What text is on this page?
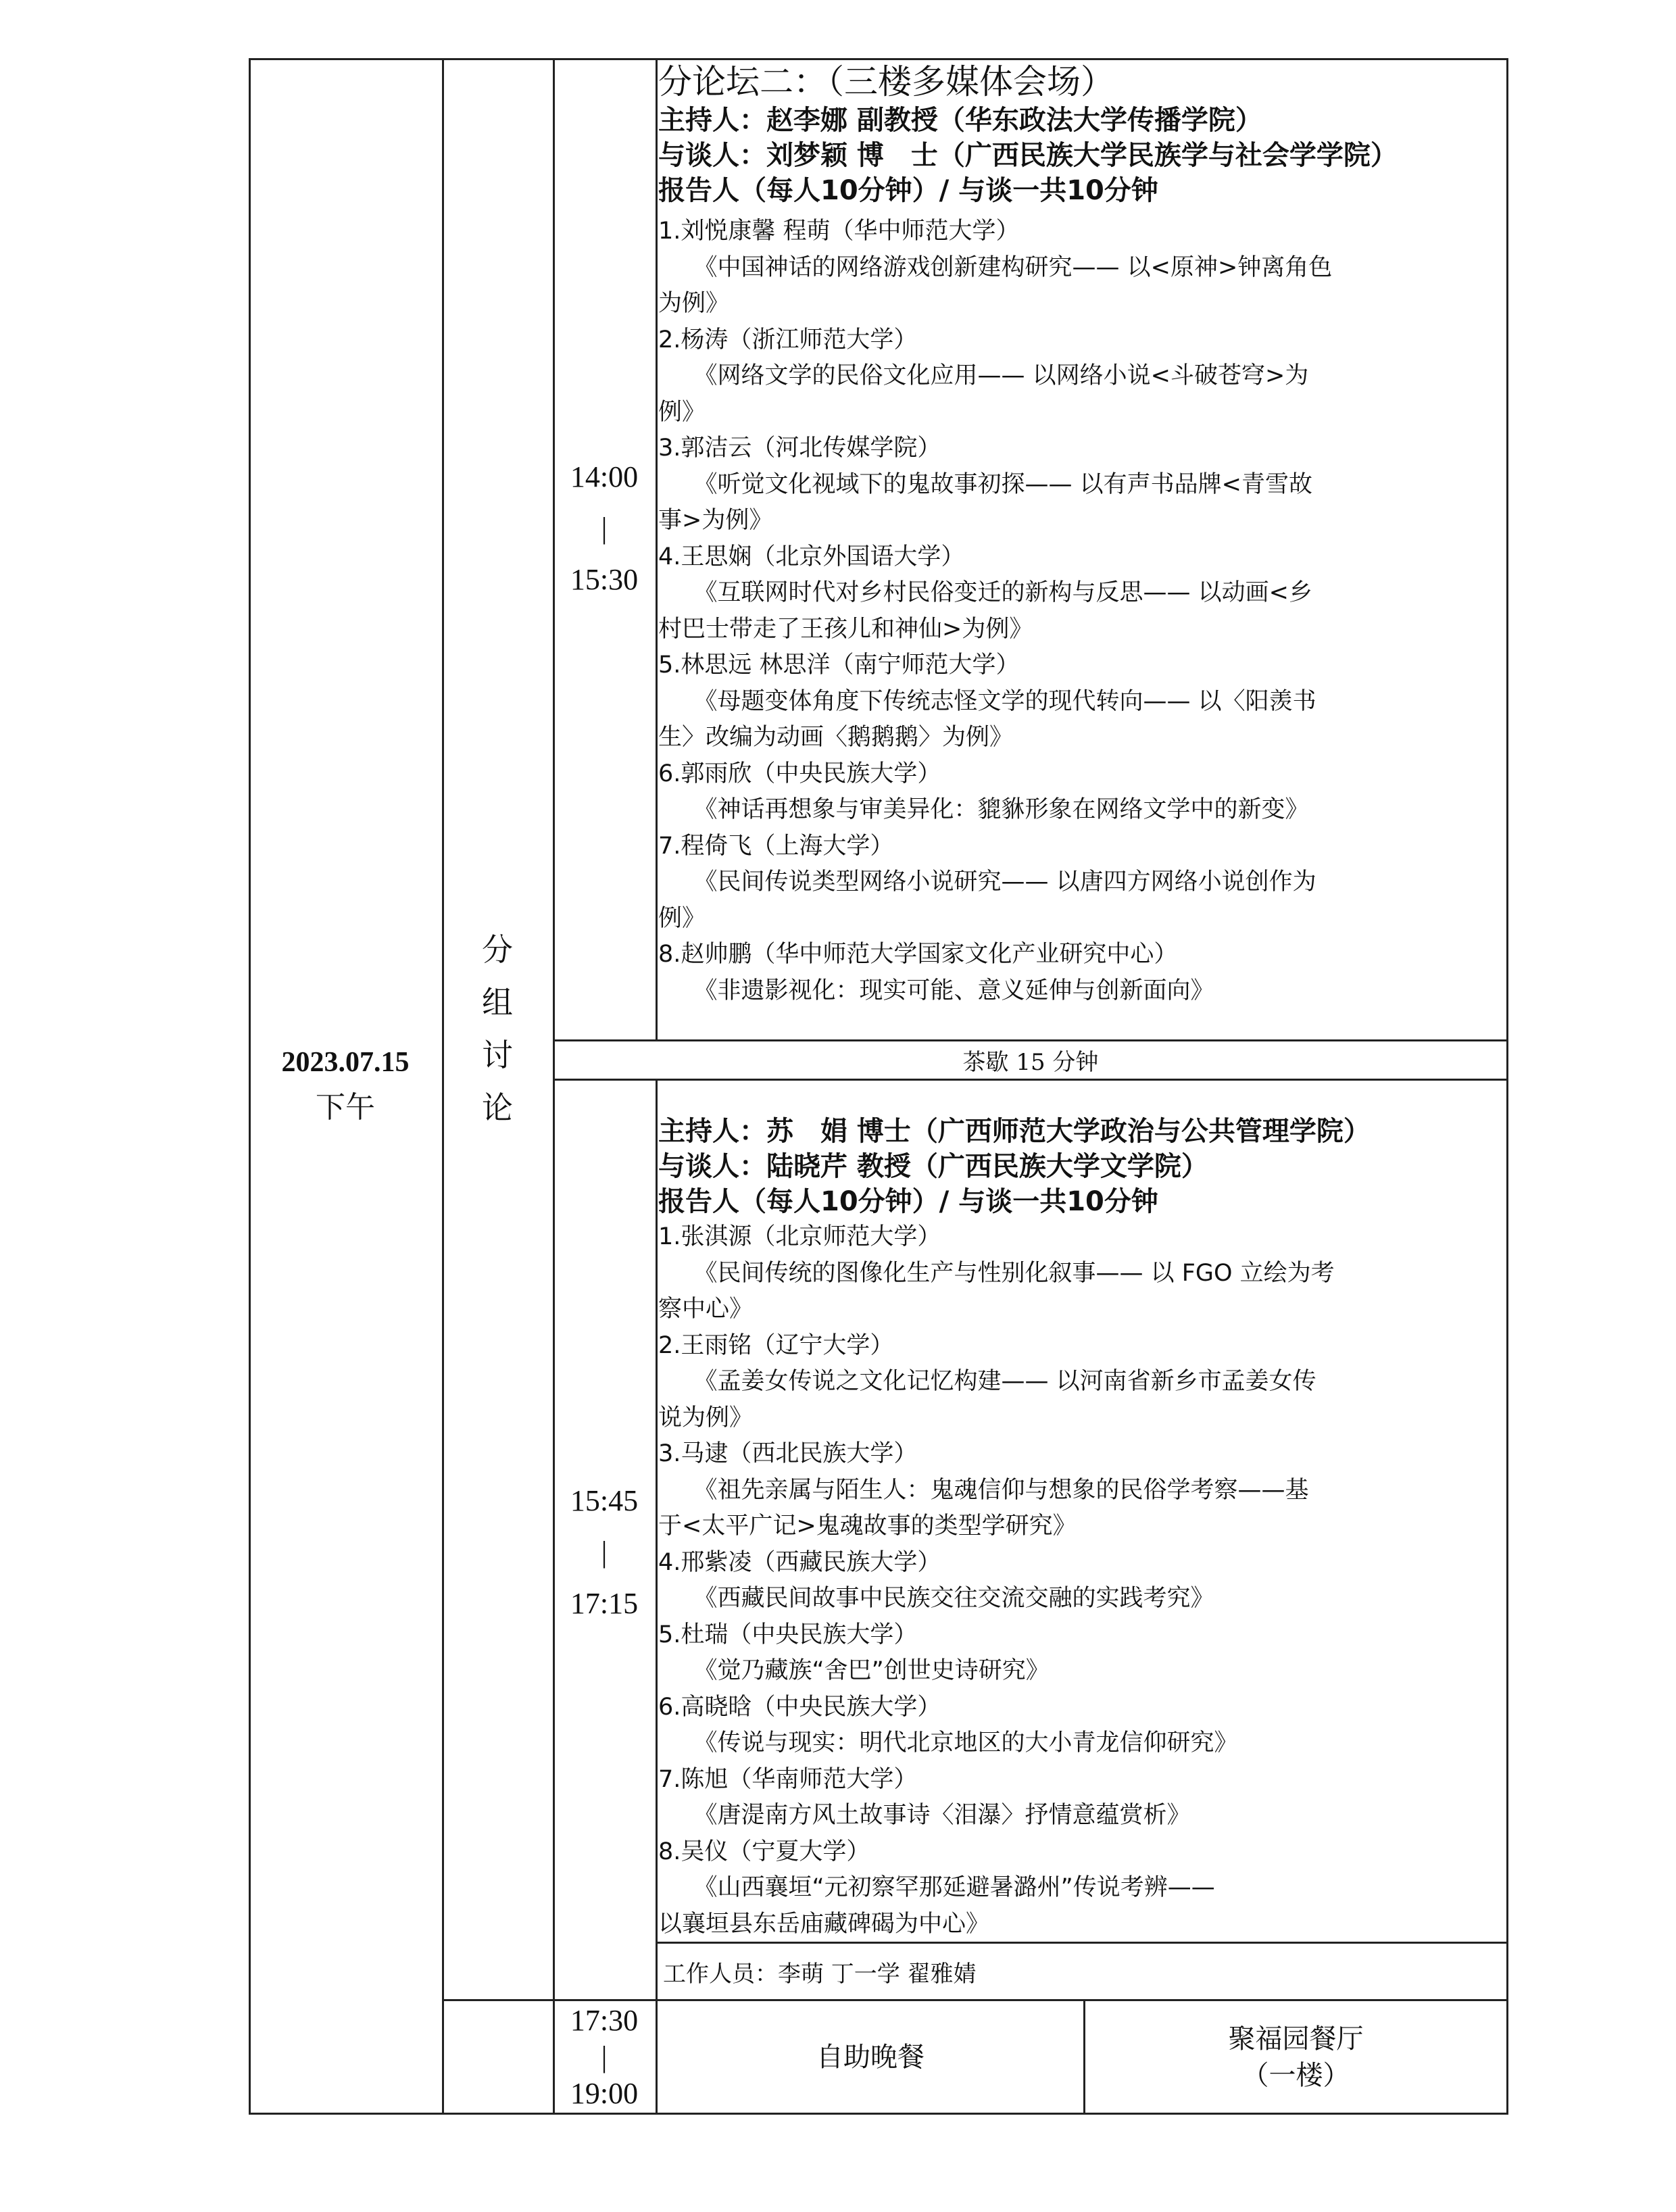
2023.07.15
下午
分
组
讨
论
14:00
|
15:30
分论坛二：（三楼多媒体会场）
主持人：赵李娜 副教授（华东政法大学传播学院）
与谈人：刘梦颖 博　士（广西民族大学民族学与社会学学院）
报告人（每人10分钟）/ 与谈一共10分钟
1.刘悦康馨 程萌（华中师范大学）
　　《中国神话的网络游戏创新建构研究—— 以<原神>钟离角色
为例》
2.杨涛（浙江师范大学）
　　《网络文学的民俗文化应用—— 以网络小说<斗破苍穹>为
例》
3.郭洁云（河北传媒学院）
　　《听觉文化视域下的鬼故事初探—— 以有声书品牌<青雪故
事>为例》
4.王思娴（北京外国语大学）
　　《互联网时代对乡村民俗变迁的新构与反思—— 以动画<乡
村巴士带走了王孩儿和神仙>为例》
5.林思远 林思洋（南宁师范大学）
　　《母题变体角度下传统志怪文学的现代转向—— 以〈阳羡书
生〉改编为动画〈鹅鹅鹅〉为例》
6.郭雨欣（中央民族大学）
　　《神话再想象与审美异化：貔貅形象在网络文学中的新变》
7.程倚飞（上海大学）
　　《民间传说类型网络小说研究—— 以唐四方网络小说创作为
例》
8.赵帅鹏（华中师范大学国家文化产业研究中心）
　　《非遗影视化：现实可能、意义延伸与创新面向》
茶歇 15 分钟
15:45
|
17:15
主持人：苏　娟 博士（广西师范大学政治与公共管理学院）
与谈人：陆晓芹 教授（广西民族大学文学院）
报告人（每人10分钟）/ 与谈一共10分钟
1.张淇源（北京师范大学）
　　《民间传统的图像化生产与性别化叙事—— 以 FGO 立绘为考
察中心》
2.王雨铭（辽宁大学）
　　《孟姜女传说之文化记忆构建—— 以河南省新乡市孟姜女传
说为例》
3.马逮（西北民族大学）
　　《祖先亲属与陌生人：鬼魂信仰与想象的民俗学考察——基
于<太平广记>鬼魂故事的类型学研究》
4.邢紫凌（西藏民族大学）
　　《西藏民间故事中民族交往交流交融的实践考究》
5.杜瑞（中央民族大学）
　　《觉乃藏族“舍巴”创世史诗研究》
6.高晓晗（中央民族大学）
　　《传说与现实：明代北京地区的大小青龙信仰研究》
7.陈旭（华南师范大学）
　　《唐湜南方风土故事诗〈泪瀑〉抒情意蕴赏析》
8.吴仪（宁夏大学）
　　《山西襄垣“元初察罕那延避暑潞州”传说考辨——
以襄垣县东岳庙藏碑碣为中心》
工作人员：李萌 丁一学 翟雅婧
17:30
|
19:00
自助晚餐
聚福园餐厅
（一楼）
